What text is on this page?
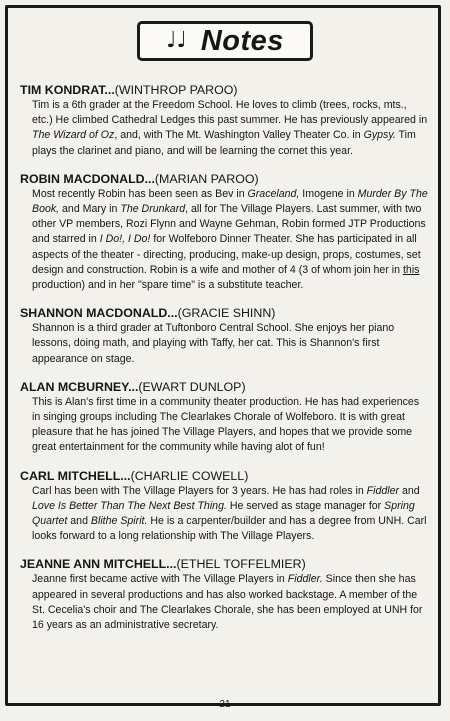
♩♩ Notes
TIM KONDRAT...(WINTHROP PAROO)
Tim is a 6th grader at the Freedom School. He loves to climb (trees, rocks, mts., etc.) He climbed Cathedral Ledges this past summer. He has previously appeared in The Wizard of Oz, and, with The Mt. Washington Valley Theater Co. in Gypsy. Tim plays the clarinet and piano, and will be learning the cornet this year.
ROBIN MACDONALD...(MARIAN PAROO)
Most recently Robin has been seen as Bev in Graceland, Imogene in Murder By The Book, and Mary in The Drunkard, all for The Village Players. Last summer, with two other VP members, Rozi Flynn and Wayne Gehman, Robin formed JTP Productions and starred in I Do!, I Do! for Wolfeboro Dinner Theater. She has participated in all aspects of the theater - directing, producing, make-up design, props, costumes, set design and construction. Robin is a wife and mother of 4 (3 of whom join her in this production) and in her "spare time" is a substitute teacher.
SHANNON MACDONALD...(GRACIE SHINN)
Shannon is a third grader at Tuftonboro Central School. She enjoys her piano lessons, doing math, and playing with Taffy, her cat. This is Shannon's first appearance on stage.
ALAN MCBURNEY...(EWART DUNLOP)
This is Alan's first time in a community theater production. He has had experiences in singing groups including The Clearlakes Chorale of Wolfeboro. It is with great pleasure that he has joined The Village Players, and hopes that we provide some great entertainment for the community while having alot of fun!
CARL MITCHELL...(CHARLIE COWELL)
Carl has been with The Village Players for 3 years. He has had roles in Fiddler and Love Is Better Than The Next Best Thing. He served as stage manager for Spring Quartet and Blithe Spirit. He is a carpenter/builder and has a degree from UNH. Carl looks forward to a long relationship with The Village Players.
JEANNE ANN MITCHELL...(ETHEL TOFFELMIER)
Jeanne first became active with The Village Players in Fiddler. Since then she has appeared in several productions and has also worked backstage. A member of the St. Cecelia's choir and The Clearlakes Chorale, she has been employed at UNH for 16 years as an administrative secretary.
-21-
